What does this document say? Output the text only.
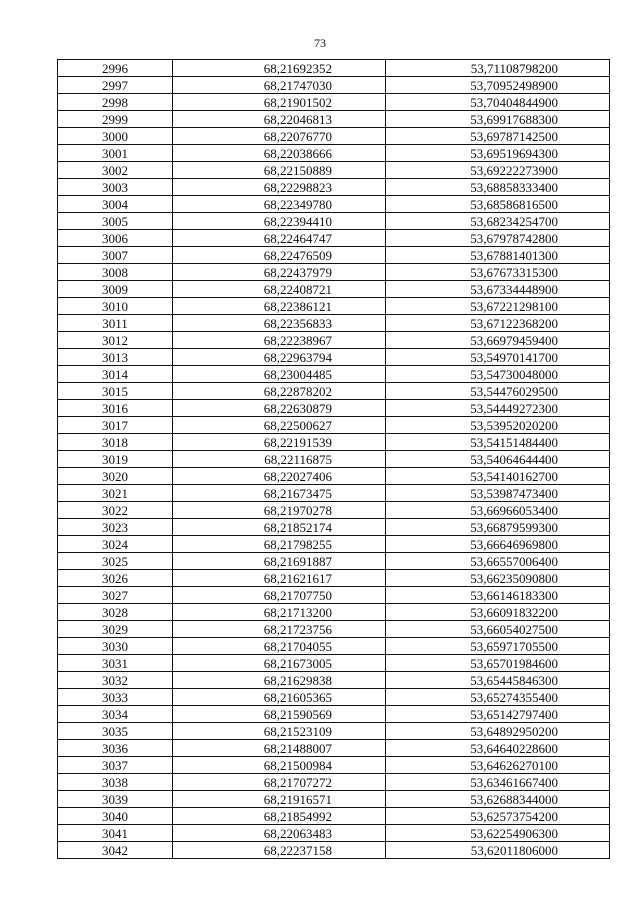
73
2996	68,21692352	53,71108798200
2997	68,21747030	53,70952498900
2998	68,21901502	53,70404844900
2999	68,22046813	53,69917688300
3000	68,22076770	53,69787142500
3001	68,22038666	53,69519694300
3002	68,22150889	53,69222273900
3003	68,22298823	53,68858333400
3004	68,22349780	53,68586816500
3005	68,22394410	53,68234254700
3006	68,22464747	53,67978742800
3007	68,22476509	53,67881401300
3008	68,22437979	53,67673315300
3009	68,22408721	53,67334448900
3010	68,22386121	53,67221298100
3011	68,22356833	53,67122368200
3012	68,22238967	53,66979459400
3013	68,22963794	53,54970141700
3014	68,23004485	53,54730048000
3015	68,22878202	53,54476029500
3016	68,22630879	53,54449272300
3017	68,22500627	53,53952020200
3018	68,22191539	53,54151484400
3019	68,22116875	53,54064644400
3020	68,22027406	53,54140162700
3021	68,21673475	53,53987473400
3022	68,21970278	53,66966053400
3023	68,21852174	53,66879599300
3024	68,21798255	53,66646969800
3025	68,21691887	53,66557006400
3026	68,21621617	53,66235090800
3027	68,21707750	53,66146183300
3028	68,21713200	53,66091832200
3029	68,21723756	53,66054027500
3030	68,21704055	53,65971705500
3031	68,21673005	53,65701984600
3032	68,21629838	53,65445846300
3033	68,21605365	53,65274355400
3034	68,21590569	53,65142797400
3035	68,21523109	53,64892950200
3036	68,21488007	53,64640228600
3037	68,21500984	53,64626270100
3038	68,21707272	53,63461667400
3039	68,21916571	53,62688344000
3040	68,21854992	53,62573754200
3041	68,22063483	53,62254906300
3042	68,22237158	53,62011806000
